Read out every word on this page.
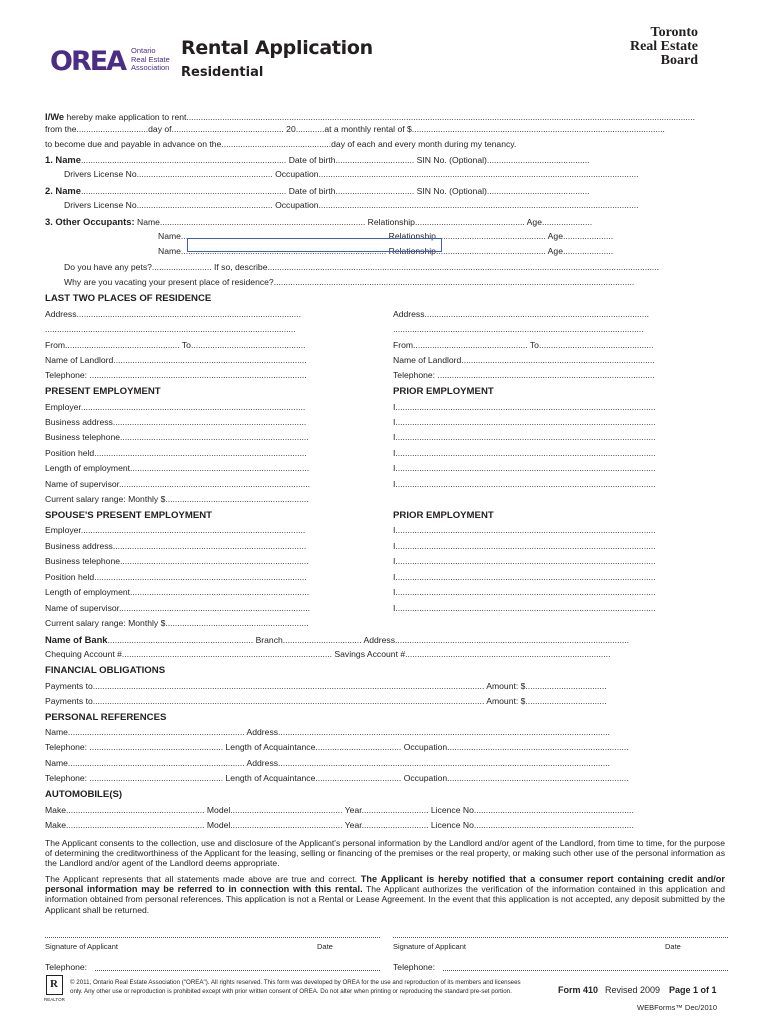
OREA Ontario
Real Estate
Association
Rental Application
Residential
Toronto
Real Estate
Board
I/We hereby make application to rent.....................................................................................................................................................................................................................
from the..............................day of............................................... 20............at a monthly rental of $..........................................................................................................
to become due and payable in advance on the..............................................day of each and every month during my tenancy.
1. Name...................................................................................... Date of birth................................. SIN No. (Optional)...........................................
Drivers License No......................................................... Occupation......................................................................................................................................
2. Name...................................................................................... Date of birth................................. SIN No. (Optional)...........................................
Drivers License No......................................................... Occupation......................................................................................................................................
3. Other Occupants: Name...................................................................................... Relationship.............................................. Age.....................
Name...................................................................................... Relationship.............................................. Age.....................
Name...................................................................................... Relationship.............................................. Age.....................
Do you have any pets?......................... If so, describe....................................................................................................................................................................
Why are you vacating your present place of residence?.......................................................................................................................................................
LAST TWO PLACES OF RESIDENCE
Address..............................................................................................	Address..............................................................................................
.........................................................................................................	.........................................................................................................
From................................................ To................................................	From................................................ To................................................
Name of Landlord.................................................................................	Name of Landlord.................................................................................
Telephone: ...........................................................................................	Telephone: ...........................................................................................
PRESENT EMPLOYMENT	PRIOR EMPLOYMENT
Employer..............................................................................................	I.............................................................................................................
Business address.................................................................................	I.............................................................................................................
Business telephone...............................................................................	I.............................................................................................................
Position held.........................................................................................	I.............................................................................................................
Length of employment...........................................................................	I.............................................................................................................
Name of supervisor................................................................................	I.............................................................................................................
Current salary range: Monthly $............................................................
SPOUSE'S PRESENT EMPLOYMENT	PRIOR EMPLOYMENT
Employer..............................................................................................	I.............................................................................................................
Business address.................................................................................	I.............................................................................................................
Business telephone...............................................................................	I.............................................................................................................
Position held.........................................................................................	I.............................................................................................................
Length of employment...........................................................................	I.............................................................................................................
Name of supervisor................................................................................	I.............................................................................................................
Current salary range: Monthly $............................................................
Name of Bank............................................................. Branch................................. Address..................................................................................................
Chequing Account #........................................................................................ Savings Account #......................................................................................
FINANCIAL OBLIGATIONS
Payments to.................................................................................................................................................................... Amount: $..................................
Payments to.................................................................................................................................................................... Amount: $..................................
PERSONAL REFERENCES
Name.......................................................................... Address...........................................................................................................................................
Telephone: ........................................................ Length of Acquaintance.................................... Occupation............................................................................
Name.......................................................................... Address...........................................................................................................................................
Telephone: ........................................................ Length of Acquaintance.................................... Occupation............................................................................
AUTOMOBILE(S)
Make.......................................................... Model............................................... Year............................ Licence No...................................................................
Make.......................................................... Model............................................... Year............................ Licence No...................................................................
The Applicant consents to the collection, use and disclosure of the Applicant's personal information by the Landlord and/or agent of the Landlord, from time to time, for the purpose of determining the creditworthiness of the Applicant for the leasing, selling or financing of the premises or the real property, or making such other use of the personal information as the Landlord and/or agent of the Landlord deems appropriate.
The Applicant represents that all statements made above are true and correct. The Applicant is hereby notified that a consumer report containing credit and/or personal information may be referred to in connection with this rental. The Applicant authorizes the verification of the information contained in this application and information obtained from personal references. This application is not a Rental or Lease Agreement. In the event that this application is not accepted, any deposit submitted by the Applicant shall be returned.
Signature of Applicant	Date	Signature of Applicant	Date
Telephone:	Telephone:
R
REALTOR
© 2011, Ontario Real Estate Association ("OREA"). All rights reserved. This form was developed by OREA for the use and reproduction of its members and licensees
only. Any other use or reproduction is prohibited except with prior written consent of OREA. Do not alter when printing or reproducing the standard pre-set portion.	Form 410 Revised 2009 Page 1 of 1
WEBForms™ Dec/2010
